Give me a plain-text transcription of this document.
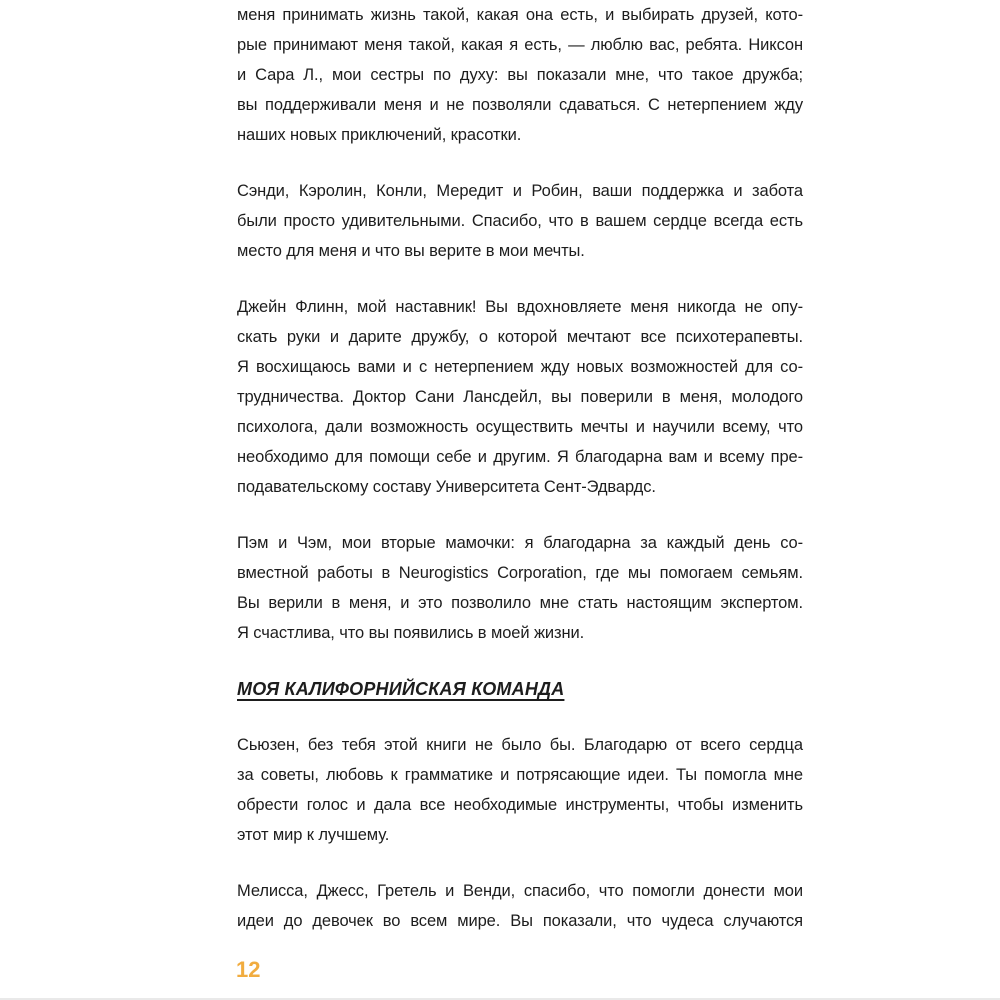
меня принимать жизнь такой, какая она есть, и выбирать друзей, кото-
рые принимают меня такой, какая я есть, — люблю вас, ребята. Никсон
и Сара Л., мои сестры по духу: вы показали мне, что такое дружба;
вы поддерживали меня и не позволяли сдаваться. С нетерпением жду
наших новых приключений, красотки.

Сэнди, Кэролин, Конли, Мередит и Робин, ваши поддержка и забота
были просто удивительными. Спасибо, что в вашем сердце всегда есть
место для меня и что вы верите в мои мечты.

Джейн Флинн, мой наставник! Вы вдохновляете меня никогда не опу-
скать руки и дарите дружбу, о которой мечтают все психотерапевты.
Я восхищаюсь вами и с нетерпением жду новых возможностей для со-
трудничества. Доктор Сани Лансдейл, вы поверили в меня, молодого
психолога, дали возможность осуществить мечты и научили всему, что
необходимо для помощи себе и другим. Я благодарна вам и всему пре-
подавательскому составу Университета Сент-Эдвардс.

Пэм и Чэм, мои вторые мамочки: я благодарна за каждый день со-
вместной работы в Neurogistics Corporation, где мы помогаем семьям.
Вы верили в меня, и это позволило мне стать настоящим экспертом.
Я счастлива, что вы появились в моей жизни.

МОЯ КАЛИФОРНИЙСКАЯ КОМАНДА

Сьюзен, без тебя этой книги не было бы. Благодарю от всего сердца
за советы, любовь к грамматике и потрясающие идеи. Ты помогла мне
обрести голос и дала все необходимые инструменты, чтобы изменить
этот мир к лучшему.

Мелисса, Джесс, Гретель и Венди, спасибо, что помогли донести мои
идеи до девочек во всем мире. Вы показали, что чудеса случаются

12
